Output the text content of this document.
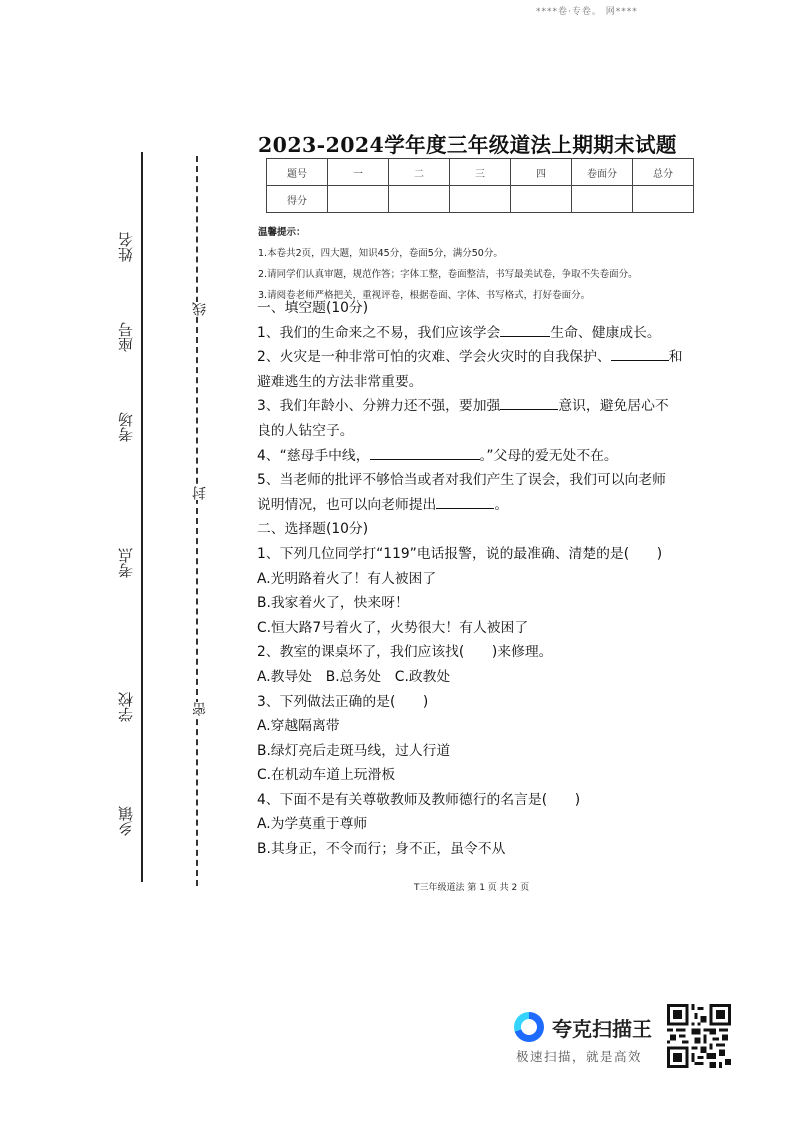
****卷·专卷。 网****
姓名
座号
考场
考点
学校
乡镇
线
封
密
2023-2024学年度三年级道法上期期末试题
题号	一	二	三	四	卷面分	总分
得分						
温馨提示：
1.本卷共2页，四大题，知识45分，卷面5分，满分50分。
2.请同学们认真审题，规范作答；字体工整，卷面整洁，书写最美试卷，争取不失卷面分。
3.请阅卷老师严格把关，重视评卷，根据卷面、字体、书写格式，打好卷面分。

一、填空题(10分)

1、我们的生命来之不易，我们应该学会	生命、健康成长。

2、火灾是一种非常可怕的灾难、学会火灾时的自我保护、	和

避难逃生的方法非常重要。

3、我们年龄小、分辨力还不强，要加强	意识，避免居心不

良的人钻空子。

4、“慈母手中线，	。”父母的爱无处不在。

5、当老师的批评不够恰当或者对我们产生了误会，我们可以向老师

说明情况，也可以向老师提出	。

二、选择题(10分)

1、下列几位同学打“119”电话报警，说的最准确、清楚的是(　　)

A.光明路着火了！有人被困了

B.我家着火了，快来呀！

C.恒大路7号着火了，火势很大！有人被困了

2、教室的课桌坏了，我们应该找(　　)来修理。

A.教导处　B.总务处　C.政教处

3、下列做法正确的是(　　)

A.穿越隔离带

B.绿灯亮后走斑马线，过人行道

C.在机动车道上玩滑板

4、下面不是有关尊敬教师及教师德行的名言是(　　)

A.为学莫重于尊师

B.其身正，不令而行；身不正，虽令不从

T三年级道法 第 1 页 共 2 页
夸克扫描王
极速扫描，就是高效
